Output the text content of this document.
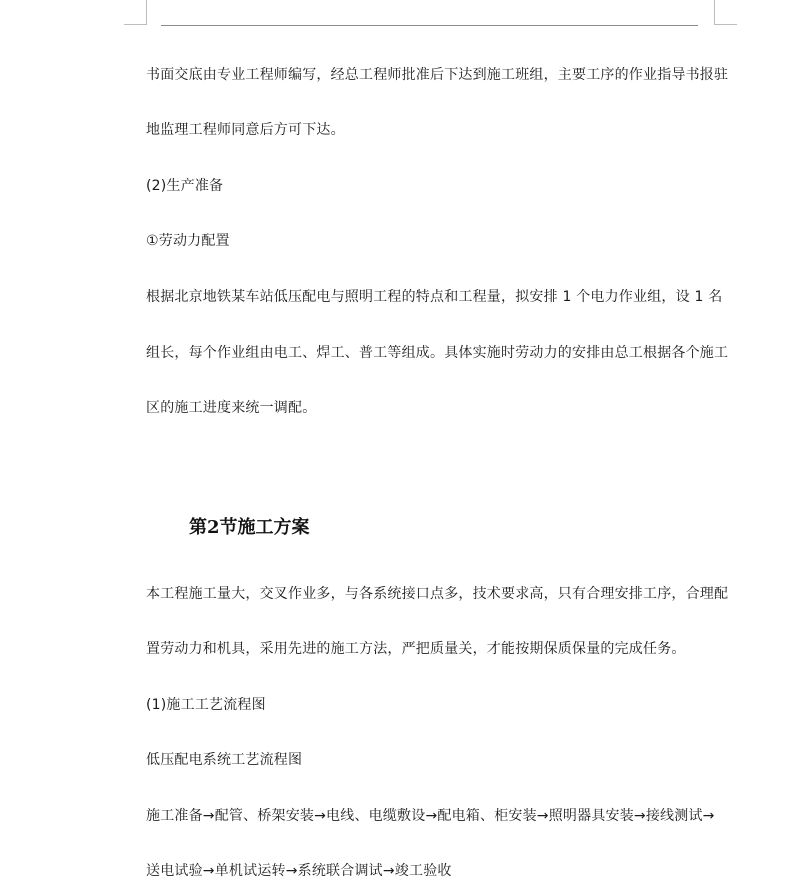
书面交底由专业工程师编写，经总工程师批准后下达到施工班组，主要工序的作业指导书报驻
地监理工程师同意后方可下达。
(2)生产准备
①劳动力配置
根据北京地铁某车站低压配电与照明工程的特点和工程量，拟安排 1 个电力作业组，设 1 名
组长，每个作业组由电工、焊工、普工等组成。具体实施时劳动力的安排由总工根据各个施工
区的施工进度来统一调配。
第2节施工方案
本工程施工量大，交叉作业多，与各系统接口点多，技术要求高，只有合理安排工序，合理配
置劳动力和机具，采用先进的施工方法，严把质量关，才能按期保质保量的完成任务。
(1)施工工艺流程图
低压配电系统工艺流程图
施工准备→配管、桥架安装→电线、电缆敷设→配电箱、柜安装→照明器具安装→接线测试→
送电试验→单机试运转→系统联合调试→竣工验收
